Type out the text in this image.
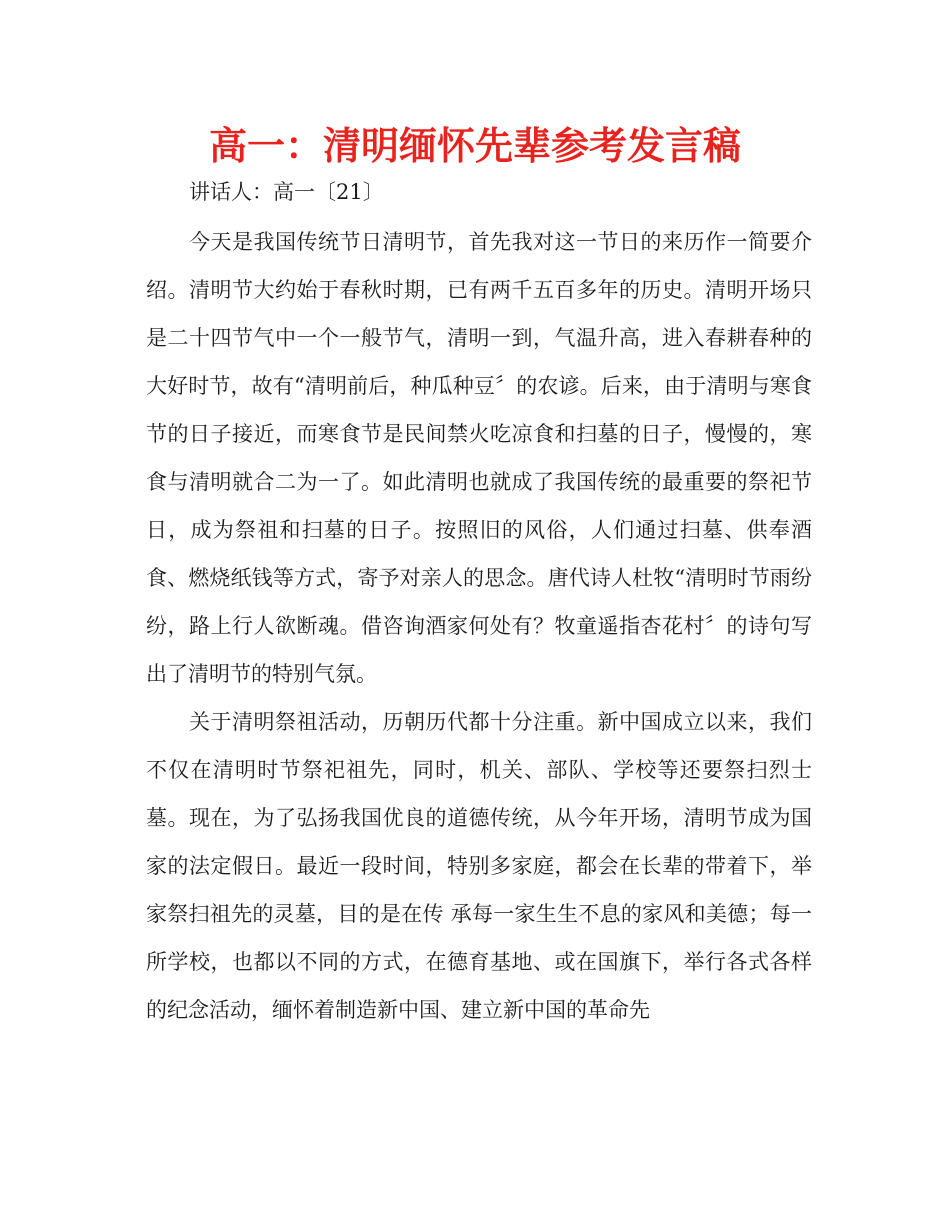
高一：清明缅怀先辈参考发言稿

讲话人：高一〔21〕

今天是我国传统节日清明节，首先我对这一节日的来历作一简要介绍。清明节大约始于春秋时期，已有两千五百多年的历史。清明开场只是二十四节气中一个一般节气，清明一到，气温升高，进入春耕春种的大好时节，故有“清明前后，种瓜种豆〞的农谚。后来，由于清明与寒食节的日子接近，而寒食节是民间禁火吃凉食和扫墓的日子，慢慢的，寒食与清明就合二为一了。如此清明也就成了我国传统的最重要的祭祀节日，成为祭祖和扫墓的日子。按照旧的风俗，人们通过扫墓、供奉酒食、燃烧纸钱等方式，寄予对亲人的思念。唐代诗人杜牧“清明时节雨纷纷，路上行人欲断魂。借咨询酒家何处有？牧童遥指杏花村〞的诗句写出了清明节的特别气氛。

关于清明祭祖活动，历朝历代都十分注重。新中国成立以来，我们不仅在清明时节祭祀祖先，同时，机关、部队、学校等还要祭扫烈士墓。现在，为了弘扬我国优良的道德传统，从今年开场，清明节成为国家的法定假日。最近一段时间，特别多家庭，都会在长辈的带着下，举家祭扫祖先的灵墓，目的是在传 承每一家生生不息的家风和美德；每一所学校，也都以不同的方式，在德育基地、或在国旗下，举行各式各样的纪念活动，缅怀着制造新中国、建立新中国的革命先
